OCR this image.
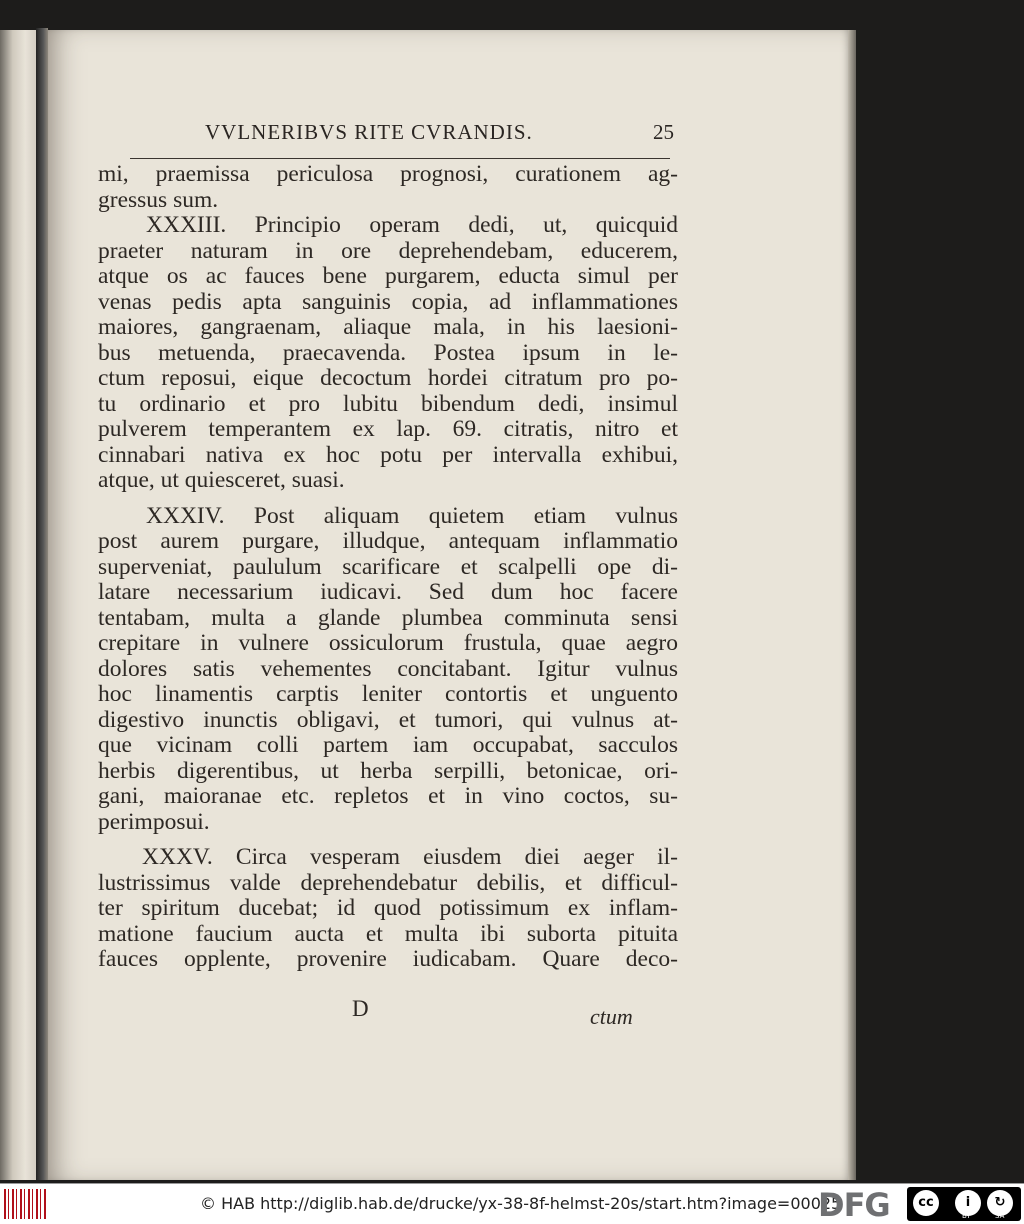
VVLNERIBVS RITE CVRANDIS.	25
mi, praemissa periculosa prognosi, curationem ag-
gressus sum.
XXXIII. Principio operam dedi, ut, quicquid
praeter naturam in ore deprehendebam, educerem,
atque os ac fauces bene purgarem, educta simul per
venas pedis apta sanguinis copia, ad inflammationes
maiores, gangraenam, aliaque mala, in his laesioni-
bus metuenda, praecavenda. Postea ipsum in le-
ctum reposui, eique decoctum hordei citratum pro po-
tu ordinario et pro lubitu bibendum dedi, insimul
pulverem temperantem ex lap. 69. citratis, nitro et
cinnabari nativa ex hoc potu per intervalla exhibui,
atque, ut quiesceret, suasi.
XXXIV. Post aliquam quietem etiam vulnus
post aurem purgare, illudque, antequam inflammatio
superveniat, paululum scarificare et scalpelli ope di-
latare necessarium iudicavi. Sed dum hoc facere
tentabam, multa a glande plumbea comminuta sensi
crepitare in vulnere ossiculorum frustula, quae aegro
dolores satis vehementes concitabant. Igitur vulnus
hoc linamentis carptis leniter contortis et unguento
digestivo inunctis obligavi, et tumori, qui vulnus at-
que vicinam colli partem iam occupabat, sacculos
herbis digerentibus, ut herba serpilli, betonicae, ori-
gani, maioranae etc. repletos et in vino coctos, su-
perimposui.
XXXV. Circa vesperam eiusdem diei aeger il-
lustrissimus valde deprehendebatur debilis, et difficul-
ter spiritum ducebat; id quod potissimum ex inflam-
matione faucium aucta et multa ibi suborta pituita
fauces opplente, provenire iudicabam. Quare deco-
D	ctum
© HAB http://diglib.hab.de/drucke/yx-38-8f-helmst-20s/start.htm?image=00025
DFG	cc	i	↻
BY	SA
